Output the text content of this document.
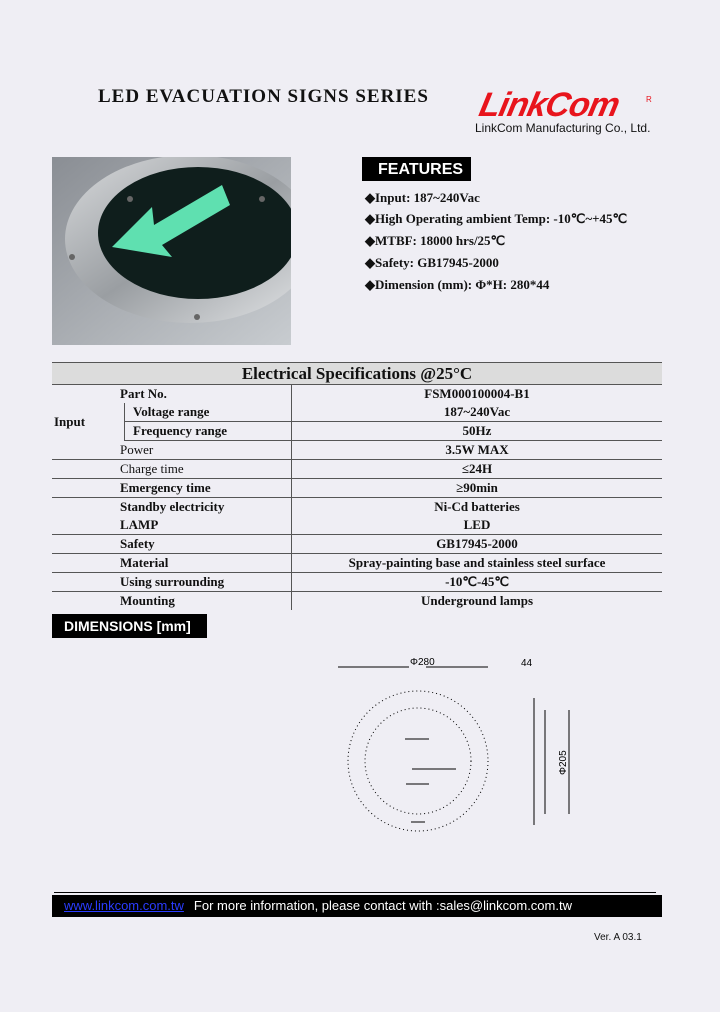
LED EVACUATION SIGNS SERIES LinkCom	R
LinkCom Manufacturing Co., Ltd.
FEATURES
◆Input: 187~240Vac
◆High Operating ambient Temp: -10℃~+45℃
◆MTBF: 18000 hrs/25℃
◆Safety: GB17945-2000
◆Dimension (mm): Φ*H: 280*44
Electrical Specifications @25°C		
Part No.		FSM000100004-B1
Input	Voltage range	187~240Vac
	Frequency range	50Hz
Power		3.5W MAX
Charge time		≤24H
Emergency time		≥90min
Standby electricity		Ni-Cd batteries
LAMP		LED
Safety		GB17945-2000
Material		Spray-painting base and stainless steel surface
Using surrounding		-10℃-45℃
Mounting		Underground lamps
DIMENSIONS [mm]
Φ280	44
Φ205
www.linkcom.com.tw For more information, please contact with :sales@linkcom.com.tw
Ver. A 03.1
